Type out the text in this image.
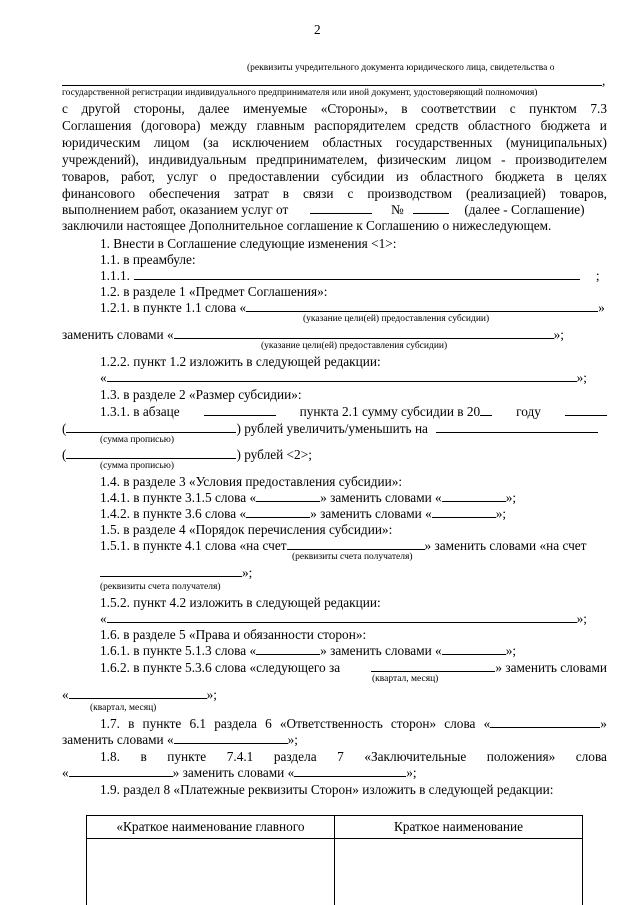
2
(реквизиты учредительного документа юридического лица, свидетельства о
,
государственной регистрации индивидуального предпринимателя или иной документ, удостоверяющий полномочия)
с другой стороны, далее именуемые «Стороны», в соответствии с пунктом 7.3
Соглашения (договора) между главным распорядителем средств областного бюджета и
юридическим лицом (за исключением областных государственных (муниципальных)
учреждений), индивидуальным предпринимателем, физическим лицом - производителем
товаров, работ, услуг о предоставлении субсидии из областного бюджета в целях
финансового обеспечения затрат в связи с производством (реализацией) товаров,
выполнением работ, оказанием услуг от	№	(далее - Соглашение)
заключили настоящее Дополнительное соглашение к Соглашению о нижеследующем.
1. Внести в Соглашение следующие изменения <1>:
1.1. в преамбуле:
1.1.1.	;
1.2. в разделе 1 «Предмет Соглашения»:
1.2.1. в пункте 1.1 слова «	»
(указание цели(ей) предоставления субсидии)
заменить словами «	»;
(указание цели(ей) предоставления субсидии)
1.2.2. пункт 1.2 изложить в следующей редакции:
«	»;
1.3. в разделе 2 «Размер субсидии»:
1.3.1. в абзаце	пункта 2.1 сумму субсидии в 20	году
(	) рублей увеличить/уменьшить на
(сумма прописью)
(	) рублей <2>;
(сумма прописью)
1.4. в разделе 3 «Условия предоставления субсидии»:
1.4.1. в пункте 3.1.5 слова «	» заменить словами «	»;
1.4.2. в пункте 3.6 слова «	» заменить словами «	»;
1.5. в разделе 4 «Порядок перечисления субсидии»:
1.5.1. в пункте 4.1 слова «на счет	» заменить словами «на счет
(реквизиты счета получателя)
»;
(реквизиты счета получателя)
1.5.2. пункт 4.2 изложить в следующей редакции:
«	»;
1.6. в разделе 5 «Права и обязанности сторон»:
1.6.1. в пункте 5.1.3 слова «	» заменить словами «	»;
1.6.2. в пункте 5.3.6 слова «следующего за	» заменить словами
(квартал, месяц)
«	»;
(квартал, месяц)
1.7. в пункте 6.1 раздела 6 «Ответственность сторон» слова «	»
заменить словами «	»;
1.8. в пункте 7.4.1 раздела 7 «Заключительные положения» слова
«	» заменить словами «	»;
1.9. раздел 8 «Платежные реквизиты Сторон» изложить в следующей редакции:
«Краткое наименование главного	Краткое наименование
